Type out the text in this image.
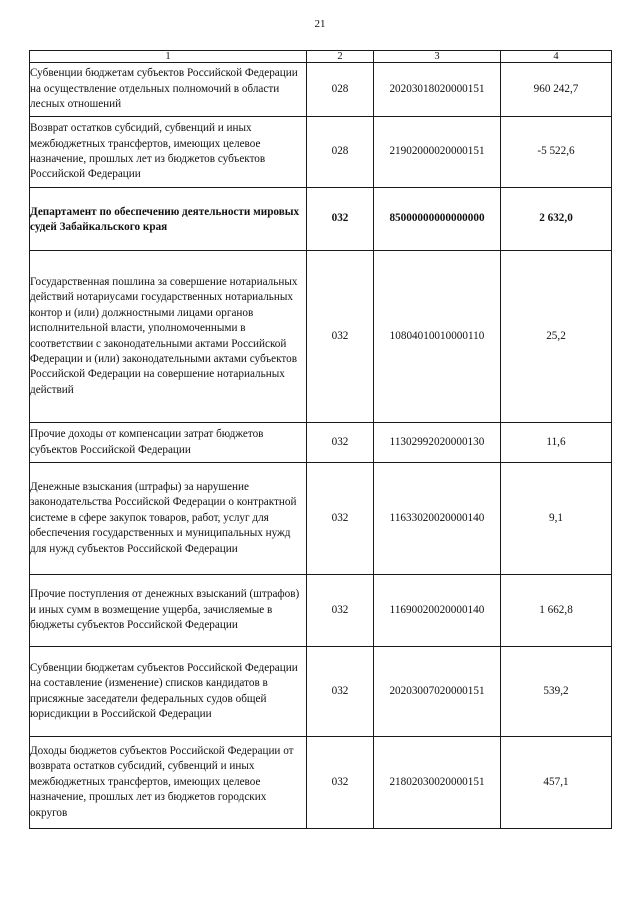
21
1	2	3	4
Субвенции бюджетам субъектов Российской Федерации на осуществление отдельных полномочий в области лесных отношений	028	20203018020000151	960 242,7
Возврат остатков субсидий, субвенций и иных межбюджетных трансфертов, имеющих целевое назначение, прошлых лет из бюджетов субъектов Российской Федерации	028	21902000020000151	-5 522,6
Департамент по обеспечению деятельности мировых судей Забайкальского края	032	85000000000000000	2 632,0
Государственная пошлина за совершение нотариальных действий нотариусами государственных нотариальных контор и (или) должностными лицами органов исполнительной власти, уполномоченными в соответствии с законодательными актами Российской Федерации и (или) законодательными актами субъектов Российской Федерации на совершение нотариальных действий	032	10804010010000110	25,2
Прочие доходы от компенсации затрат бюджетов субъектов Российской Федерации	032	11302992020000130	11,6
Денежные взыскания (штрафы) за нарушение законодательства Российской Федерации о контрактной системе в сфере закупок товаров, работ, услуг для обеспечения государственных и муниципальных нужд для нужд субъектов Российской Федерации	032	11633020020000140	9,1
Прочие поступления от денежных взысканий (штрафов) и иных сумм в возмещение ущерба, зачисляемые в бюджеты субъектов Российской Федерации	032	11690020020000140	1 662,8
Субвенции бюджетам субъектов Российской Федерации на составление (изменение) списков кандидатов в присяжные заседатели федеральных судов общей юрисдикции в Российской Федерации	032	20203007020000151	539,2
Доходы бюджетов субъектов Российской Федерации от возврата остатков субсидий, субвенций и иных межбюджетных трансфертов, имеющих целевое назначение, прошлых лет из бюджетов городских округов	032	21802030020000151	457,1
